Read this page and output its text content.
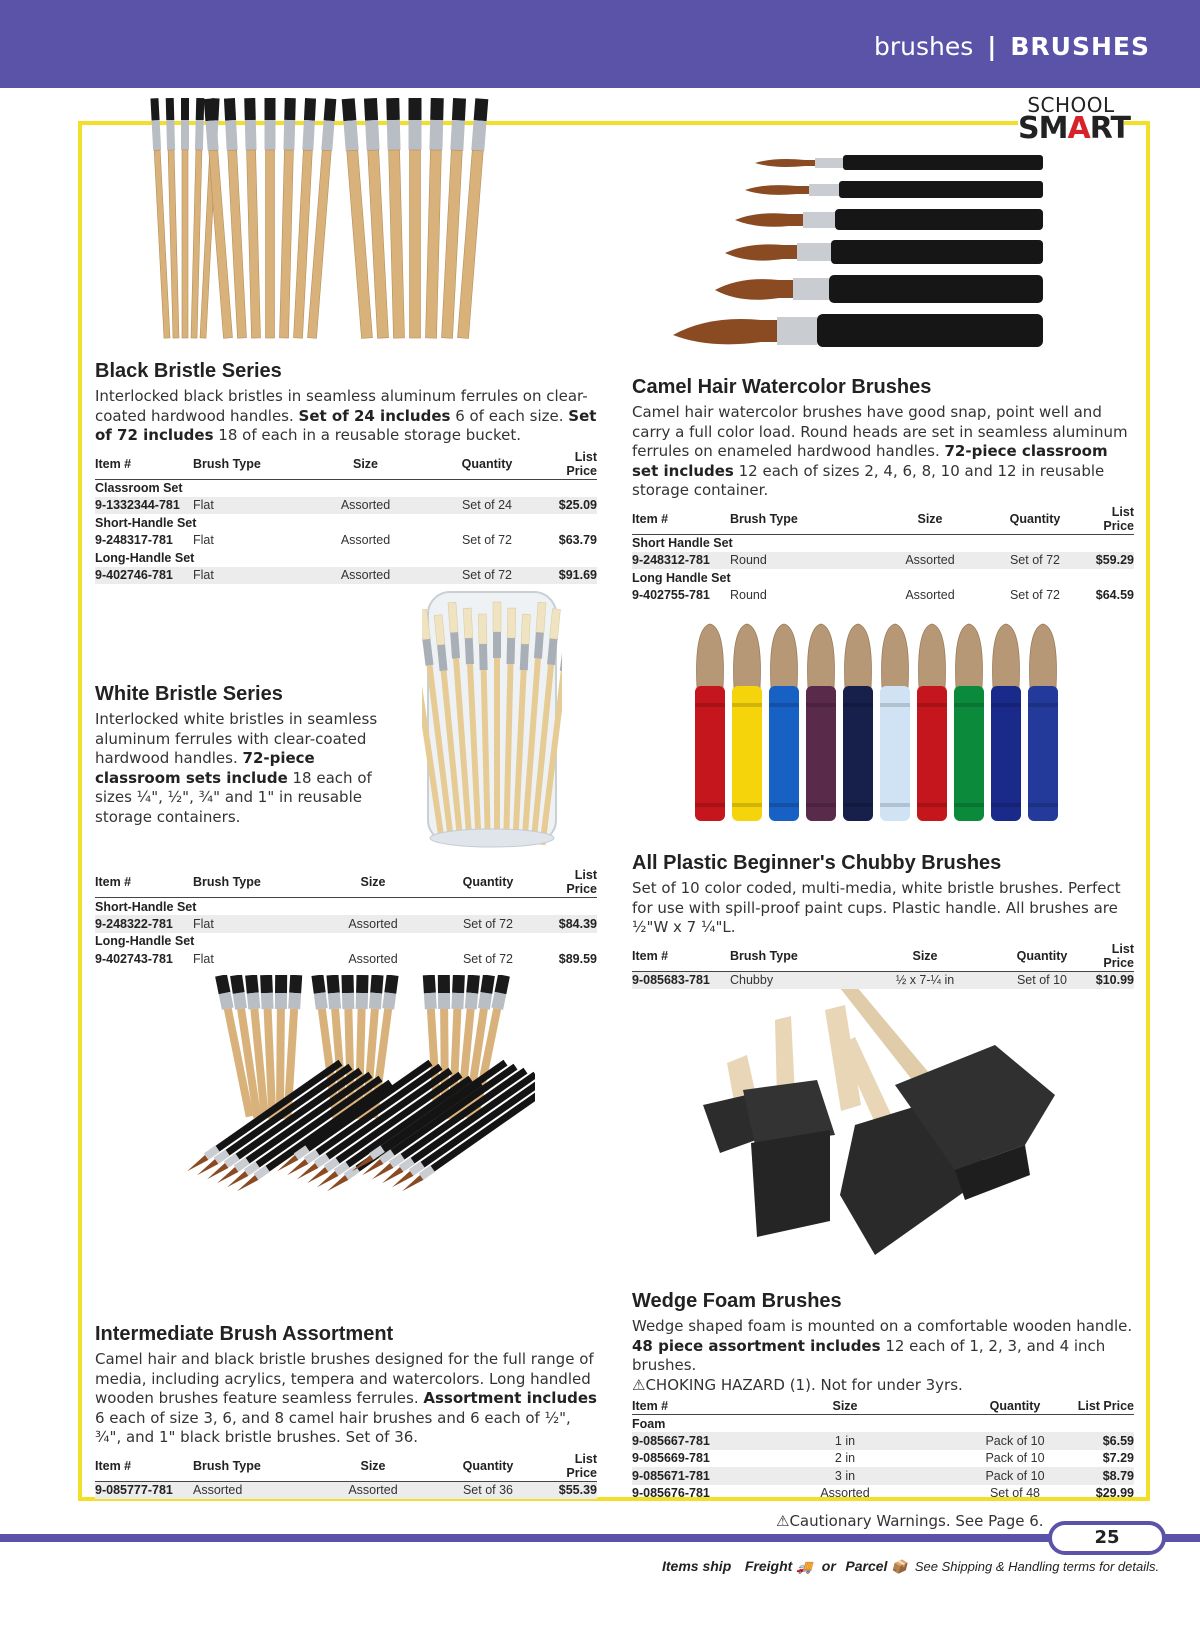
brushes | BRUSHES
SCHOOL
SMART
Black Bristle Series
Interlocked black bristles in seamless aluminum ferrules on clear-coated hardwood handles. Set of 24 includes 6 of each size. Set of 72 includes 18 of each in a reusable storage bucket.
Item #	Brush Type	Size	Quantity	List Price
Classroom Set				
9-1332344-781	Flat	Assorted	Set of 24	$25.09
Short-Handle Set				
9-248317-781	Flat	Assorted	Set of 72	$63.79
Long-Handle Set				
9-402746-781	Flat	Assorted	Set of 72	$91.69
Camel Hair Watercolor Brushes
Camel hair watercolor brushes have good snap, point well and carry a full color load. Round heads are set in seamless aluminum ferrules on enameled hardwood handles. 72-piece classroom set includes 12 each of sizes 2, 4, 6, 8, 10 and 12 in reusable storage container.
Item #	Brush Type	Size	Quantity	List Price
Short Handle Set				
9-248312-781	Round	Assorted	Set of 72	$59.29
Long Handle Set				
9-402755-781	Round	Assorted	Set of 72	$64.59
White Bristle Series
Interlocked white bristles in seamless aluminum ferrules with clear-coated hardwood handles. 72-piece classroom sets include 18 each of sizes ¼", ½", ¾" and 1" in reusable storage containers.
Item #	Brush Type	Size	Quantity	List Price
Short-Handle Set				
9-248322-781	Flat	Assorted	Set of 72	$84.39
Long-Handle Set				
9-402743-781	Flat	Assorted	Set of 72	$89.59
All Plastic Beginner's Chubby Brushes
Set of 10 color coded, multi-media, white bristle brushes. Perfect for use with spill-proof paint cups. Plastic handle. All brushes are ½"W x 7 ¼"L.
Item #	Brush Type	Size	Quantity	List Price
9-085683-781	Chubby	½ x 7-¼ in	Set of 10	$10.99
Intermediate Brush Assortment
Camel hair and black bristle brushes designed for the full range of media, including acrylics, tempera and watercolors. Long handled wooden brushes feature seamless ferrules. Assortment includes 6 each of size 3, 6, and 8 camel hair brushes and 6 each of ½", ¾", and 1" black bristle brushes. Set of 36.
Item #	Brush Type	Size	Quantity	List Price
9-085777-781	Assorted	Assorted	Set of 36	$55.39
Wedge Foam Brushes
Wedge shaped foam is mounted on a comfortable wooden handle. 48 piece assortment includes 12 each of 1, 2, 3, and 4 inch brushes.
⚠CHOKING HAZARD (1). Not for under 3yrs.
Item #	Size	Quantity	List Price
Foam			
9-085667-781	1 in	Pack of 10	$6.59
9-085669-781	2 in	Pack of 10	$7.29
9-085671-781	3 in	Pack of 10	$8.79
9-085676-781	Assorted	Set of 48	$29.99
⚠Cautionary Warnings. See Page 6.
25
Items ship Freight 🚚 or Parcel 📦 See Shipping & Handling terms for details.
